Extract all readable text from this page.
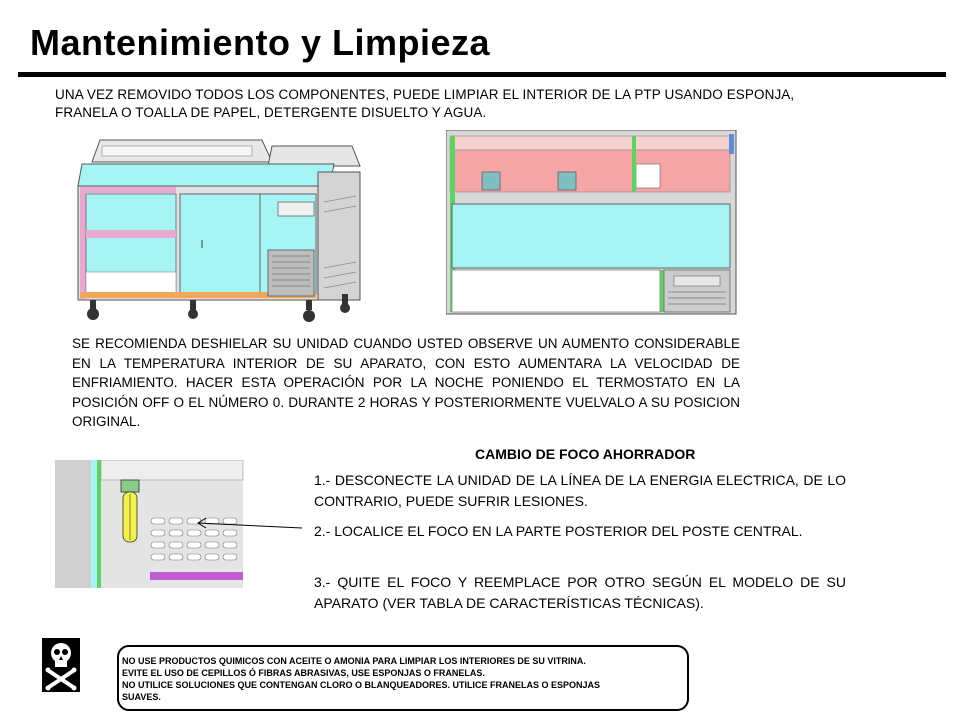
Mantenimiento y Limpieza
UNA VEZ REMOVIDO TODOS LOS COMPONENTES, PUEDE LIMPIAR EL INTERIOR DE LA PTP USANDO ESPONJA, FRANELA O TOALLA DE PAPEL, DETERGENTE DISUELTO Y AGUA.
SE RECOMIENDA DESHIELAR SU UNIDAD CUANDO USTED OBSERVE UN AUMENTO CONSIDERABLE EN LA TEMPERATURA INTERIOR DE SU APARATO, CON ESTO AUMENTARA LA VELOCIDAD DE ENFRIAMIENTO. HACER ESTA OPERACIÓN POR LA NOCHE PONIENDO EL TERMOSTATO EN LA POSICIÓN OFF O EL NÚMERO 0. DURANTE 2 HORAS Y POSTERIORMENTE VUELVALO A SU POSICION ORIGINAL.
CAMBIO DE FOCO AHORRADOR
1.- DESCONECTE LA UNIDAD DE LA LÍNEA DE LA ENERGIA ELECTRICA, DE LO CONTRARIO, PUEDE SUFRIR LESIONES.
2.- LOCALICE EL FOCO EN LA PARTE POSTERIOR DEL POSTE CENTRAL.
3.- QUITE EL FOCO Y REEMPLACE POR OTRO SEGÚN EL MODELO DE SU APARATO (VER TABLA DE CARACTERÍSTICAS TÉCNICAS).
NO USE PRODUCTOS QUIMICOS CON ACEITE O AMONIA PARA LIMPIAR LOS INTERIORES DE SU VITRINA.
EVITE EL USO DE CEPILLOS Ó FIBRAS ABRASIVAS, USE ESPONJAS O FRANELAS.
NO UTILICE SOLUCIONES QUE CONTENGAN CLORO O BLANQUEADORES. UTILICE FRANELAS O ESPONJAS
SUAVES.
